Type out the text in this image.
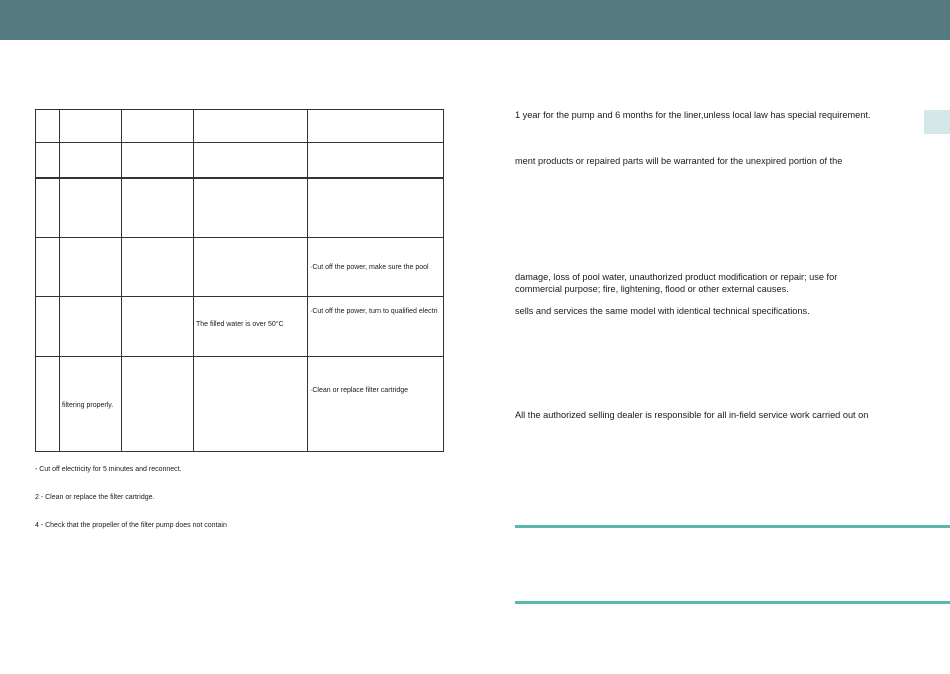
				·Cut off the power, make sure the pool
			The filled water is over 50°C	·Cut off the power, turn to qualified electri
	filtering properly.			·Clean or replace filter cartridge
- Cut off electricity for 5 minutes and reconnect.
2 - Clean or replace the filter cartridge.
4 - Check that the propeller of the filter pump does not contain
1 year for the pump and 6 months for the liner,unless local law has special requirement.
ment products or repaired parts will be warranted for the unexpired portion of the
damage, loss of pool water, unauthorized product modification or repair; use for
commercial purpose; fire, lightening, flood or other external causes.
sells and services the same model with identical technical specifications.
All the authorized selling dealer is responsible for all in-field service work carried out on
